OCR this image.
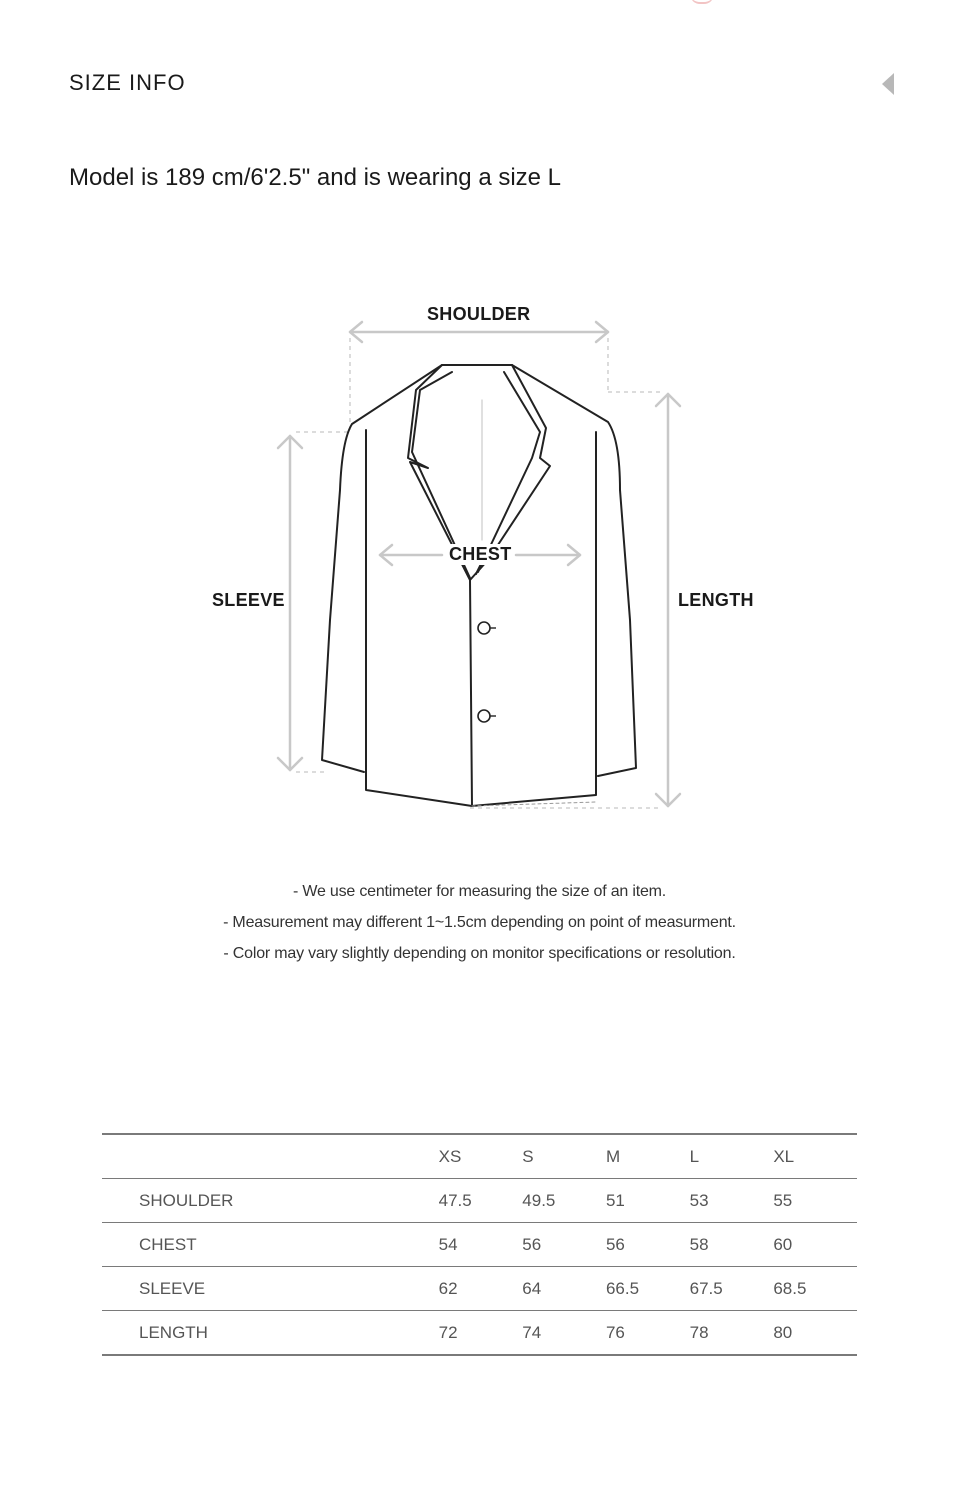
SIZE INFO

Model is 189 cm/6'2.5" and is wearing a size L

SHOULDER
CHEST
SLEEVE	LENGTH
- We use centimeter for measuring the size of an item.
- Measurement may different 1~1.5cm depending on point of measurment.
- Color may vary slightly depending on monitor specifications or resolution.
	XS	S	M	L	XL
SHOULDER	47.5	49.5	51	53	55
CHEST	54	56	56	58	60
SLEEVE	62	64	66.5	67.5	68.5
LENGTH	72	74	76	78	80
